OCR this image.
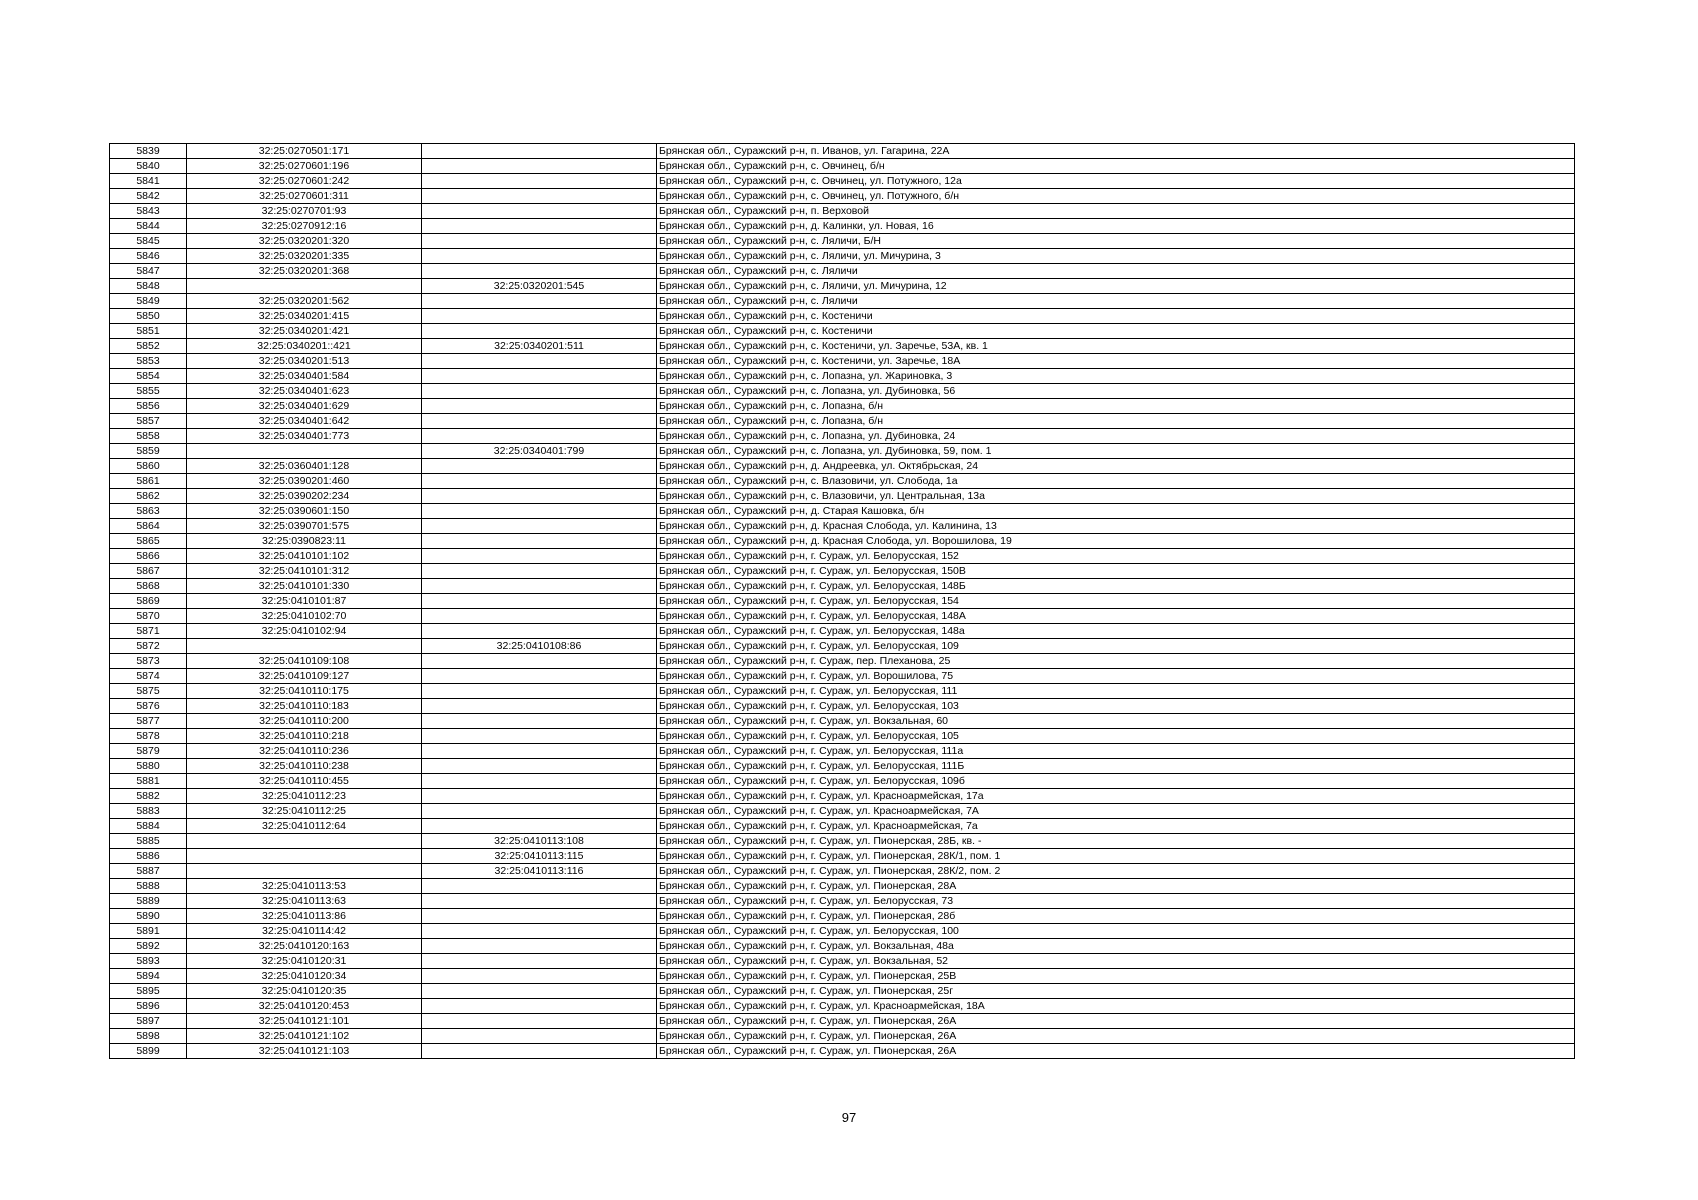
5839	32:25:0270501:171		Брянская обл., Суражский р-н, п. Иванов, ул. Гагарина, 22А
5840	32:25:0270601:196		Брянская обл., Суражский р-н, с. Овчинец, б/н
5841	32:25:0270601:242		Брянская обл., Суражский р-н, с. Овчинец, ул. Потужного, 12а
5842	32:25:0270601:311		Брянская обл., Суражский р-н, с. Овчинец, ул. Потужного, б/н
5843	32:25:0270701:93		Брянская обл., Суражский р-н, п. Верховой
5844	32:25:0270912:16		Брянская обл., Суражский р-н, д. Калинки, ул. Новая, 16
5845	32:25:0320201:320		Брянская обл., Суражский р-н, с. Ляличи, Б/Н
5846	32:25:0320201:335		Брянская обл., Суражский р-н, с. Ляличи, ул. Мичурина, 3
5847	32:25:0320201:368		Брянская обл., Суражский р-н, с. Ляличи
5848		32:25:0320201:545	Брянская обл., Суражский р-н, с. Ляличи, ул. Мичурина, 12
5849	32:25:0320201:562		Брянская обл., Суражский р-н, с. Ляличи
5850	32:25:0340201:415		Брянская обл., Суражский р-н, с. Костеничи
5851	32:25:0340201:421		Брянская обл., Суражский р-н, с. Костеничи
5852	32:25:0340201::421	32:25:0340201:511	Брянская обл., Суражский р-н, с. Костеничи, ул. Заречье, 53А, кв. 1
5853	32:25:0340201:513		Брянская обл., Суражский р-н, с. Костеничи, ул. Заречье, 18А
5854	32:25:0340401:584		Брянская обл., Суражский р-н, с. Лопазна, ул. Жариновка, 3
5855	32:25:0340401:623		Брянская обл., Суражский р-н, с. Лопазна, ул. Дубиновка, 56
5856	32:25:0340401:629		Брянская обл., Суражский р-н, с. Лопазна, б/н
5857	32:25:0340401:642		Брянская обл., Суражский р-н, с. Лопазна, б/н
5858	32:25:0340401:773		Брянская обл., Суражский р-н, с. Лопазна, ул. Дубиновка, 24
5859		32:25:0340401:799	Брянская обл., Суражский р-н, с. Лопазна, ул. Дубиновка, 59, пом. 1
5860	32:25:0360401:128		Брянская обл., Суражский р-н, д. Андреевка, ул. Октябрьская, 24
5861	32:25:0390201:460		Брянская обл., Суражский р-н, с. Влазовичи, ул. Слобода, 1а
5862	32:25:0390202:234		Брянская обл., Суражский р-н, с. Влазовичи, ул. Центральная, 13а
5863	32:25:0390601:150		Брянская обл., Суражский р-н, д. Старая Кашовка, б/н
5864	32:25:0390701:575		Брянская обл., Суражский р-н, д. Красная Слобода, ул. Калинина, 13
5865	32:25:0390823:11		Брянская обл., Суражский р-н, д. Красная Слобода, ул. Ворошилова, 19
5866	32:25:0410101:102		Брянская обл., Суражский р-н, г. Сураж, ул. Белорусская, 152
5867	32:25:0410101:312		Брянская обл., Суражский р-н, г. Сураж, ул. Белорусская, 150В
5868	32:25:0410101:330		Брянская обл., Суражский р-н, г. Сураж, ул. Белорусская, 148Б
5869	32:25:0410101:87		Брянская обл., Суражский р-н, г. Сураж, ул. Белорусская, 154
5870	32:25:0410102:70		Брянская обл., Суражский р-н, г. Сураж, ул. Белорусская, 148А
5871	32:25:0410102:94		Брянская обл., Суражский р-н, г. Сураж, ул. Белорусская, 148а
5872		32:25:0410108:86	Брянская обл., Суражский р-н, г. Сураж, ул. Белорусская, 109
5873	32:25:0410109:108		Брянская обл., Суражский р-н, г. Сураж, пер. Плеханова, 25
5874	32:25:0410109:127		Брянская обл., Суражский р-н, г. Сураж, ул. Ворошилова, 75
5875	32:25:0410110:175		Брянская обл., Суражский р-н, г. Сураж, ул. Белорусская, 111
5876	32:25:0410110:183		Брянская обл., Суражский р-н, г. Сураж, ул. Белорусская, 103
5877	32:25:0410110:200		Брянская обл., Суражский р-н, г. Сураж, ул. Вокзальная, 60
5878	32:25:0410110:218		Брянская обл., Суражский р-н, г. Сураж, ул. Белорусская, 105
5879	32:25:0410110:236		Брянская обл., Суражский р-н, г. Сураж, ул. Белорусская, 111а
5880	32:25:0410110:238		Брянская обл., Суражский р-н, г. Сураж, ул. Белорусская, 111Б
5881	32:25:0410110:455		Брянская обл., Суражский р-н, г. Сураж, ул. Белорусская, 109б
5882	32:25:0410112:23		Брянская обл., Суражский р-н, г. Сураж, ул. Красноармейская, 17а
5883	32:25:0410112:25		Брянская обл., Суражский р-н, г. Сураж, ул. Красноармейская, 7А
5884	32:25:0410112:64		Брянская обл., Суражский р-н, г. Сураж, ул. Красноармейская, 7а
5885		32:25:0410113:108	Брянская обл., Суражский р-н, г. Сураж, ул. Пионерская, 28Б, кв. -
5886		32:25:0410113:115	Брянская обл., Суражский р-н, г. Сураж, ул. Пионерская, 28К/1, пом. 1
5887		32:25:0410113:116	Брянская обл., Суражский р-н, г. Сураж, ул. Пионерская, 28К/2, пом. 2
5888	32:25:0410113:53		Брянская обл., Суражский р-н, г. Сураж, ул. Пионерская, 28А
5889	32:25:0410113:63		Брянская обл., Суражский р-н, г. Сураж, ул. Белорусская, 73
5890	32:25:0410113:86		Брянская обл., Суражский р-н, г. Сураж, ул. Пионерская, 28б
5891	32:25:0410114:42		Брянская обл., Суражский р-н, г. Сураж, ул. Белорусская, 100
5892	32:25:0410120:163		Брянская обл., Суражский р-н, г. Сураж, ул. Вокзальная, 48а
5893	32:25:0410120:31		Брянская обл., Суражский р-н, г. Сураж, ул. Вокзальная, 52
5894	32:25:0410120:34		Брянская обл., Суражский р-н, г. Сураж, ул. Пионерская, 25В
5895	32:25:0410120:35		Брянская обл., Суражский р-н, г. Сураж, ул. Пионерская, 25г
5896	32:25:0410120:453		Брянская обл., Суражский р-н, г. Сураж, ул. Красноармейская, 18А
5897	32:25:0410121:101		Брянская обл., Суражский р-н, г. Сураж, ул. Пионерская, 26А
5898	32:25:0410121:102		Брянская обл., Суражский р-н, г. Сураж, ул. Пионерская, 26А
5899	32:25:0410121:103		Брянская обл., Суражский р-н, г. Сураж, ул. Пионерская, 26А
97
